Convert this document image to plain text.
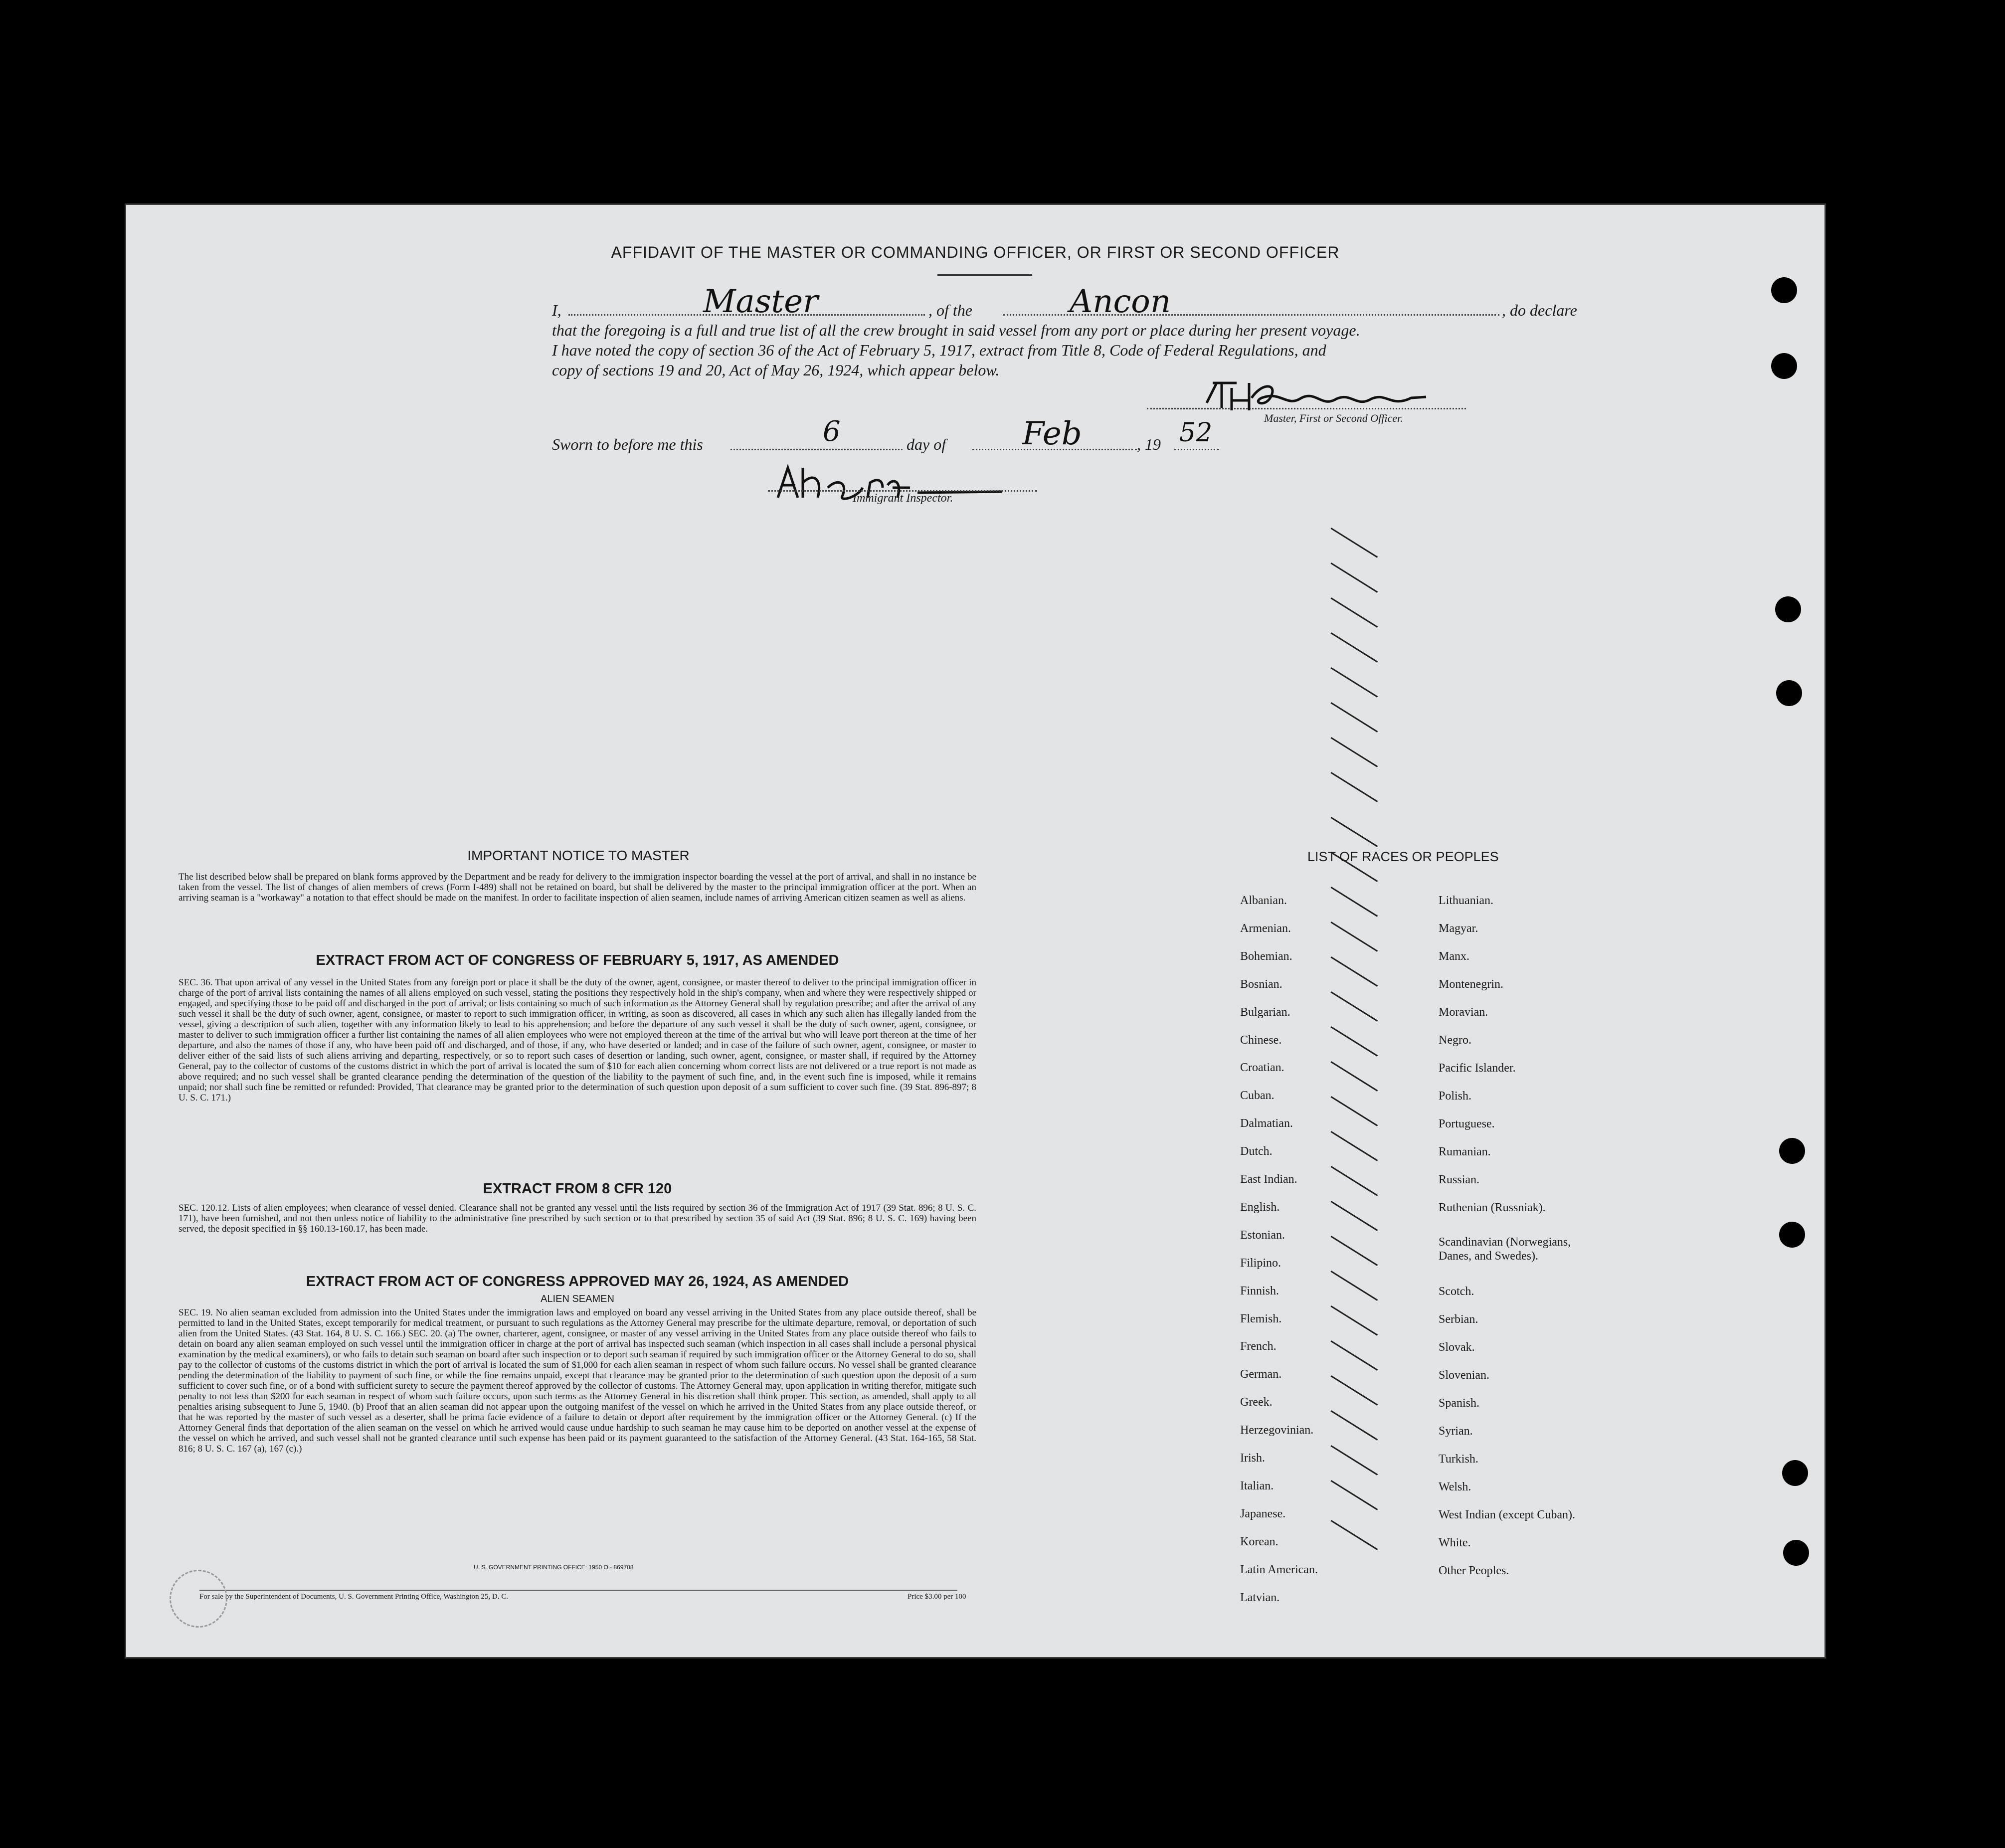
AFFIDAVIT OF THE MASTER OR COMMANDING OFFICER, OR FIRST OR SECOND OFFICER
I,	Master	, of the	Ancon	, do declare
that the foregoing is a full and true list of all the crew brought in said vessel from any port or place during her present voyage.
I have noted the copy of section 36 of the Act of February 5, 1917, extract from Title 8, Code of Federal Regulations, and
copy of sections 19 and 20, Act of May 26, 1924, which appear below.
Master, First or Second Officer.
Sworn to before me this	6	day of Feb	, 19 52
Immigrant Inspector.
IMPORTANT NOTICE TO MASTER
The list described below shall be prepared on blank forms approved by the Department and be ready for delivery to the immigration inspector boarding the vessel at the port of arrival, and shall in no instance be taken from the vessel. The list of changes of alien members of crews (Form I-489) shall not be retained on board, but shall be delivered by the master to the principal immigration officer at the port. When an arriving seaman is a "workaway" a notation to that effect should be made on the manifest. In order to facilitate inspection of alien seamen, include names of arriving American citizen seamen as well as aliens.
EXTRACT FROM ACT OF CONGRESS OF FEBRUARY 5, 1917, AS AMENDED
SEC. 36. That upon arrival of any vessel in the United States from any foreign port or place it shall be the duty of the owner, agent, consignee, or master thereof to deliver to the principal immigration officer in charge of the port of arrival lists containing the names of all aliens employed on such vessel, stating the positions they respectively hold in the ship's company, when and where they were respectively shipped or engaged, and specifying those to be paid off and discharged in the port of arrival; or lists containing so much of such information as the Attorney General shall by regulation prescribe; and after the arrival of any such vessel it shall be the duty of such owner, agent, consignee, or master to report to such immigration officer, in writing, as soon as discovered, all cases in which any such alien has illegally landed from the vessel, giving a description of such alien, together with any information likely to lead to his apprehension; and before the departure of any such vessel it shall be the duty of such owner, agent, consignee, or master to deliver to such immigration officer a further list containing the names of all alien employees who were not employed thereon at the time of the arrival but who will leave port thereon at the time of her departure, and also the names of those if any, who have been paid off and discharged, and of those, if any, who have deserted or landed; and in case of the failure of such owner, agent, consignee, or master to deliver either of the said lists of such aliens arriving and departing, respectively, or so to report such cases of desertion or landing, such owner, agent, consignee, or master shall, if required by the Attorney General, pay to the collector of customs of the customs district in which the port of arrival is located the sum of $10 for each alien concerning whom correct lists are not delivered or a true report is not made as above required; and no such vessel shall be granted clearance pending the determination of the question of the liability to the payment of such fine, and, in the event such fine is imposed, while it remains unpaid; nor shall such fine be remitted or refunded: Provided, That clearance may be granted prior to the determination of such question upon deposit of a sum sufficient to cover such fine. (39 Stat. 896-897; 8 U. S. C. 171.)
EXTRACT FROM 8 CFR 120
SEC. 120.12. Lists of alien employees; when clearance of vessel denied. Clearance shall not be granted any vessel until the lists required by section 36 of the Immigration Act of 1917 (39 Stat. 896; 8 U. S. C. 171), have been furnished, and not then unless notice of liability to the administrative fine prescribed by such section or to that prescribed by section 35 of said Act (39 Stat. 896; 8 U. S. C. 169) having been served, the deposit specified in §§ 160.13-160.17, has been made.
EXTRACT FROM ACT OF CONGRESS APPROVED MAY 26, 1924, AS AMENDED
ALIEN SEAMEN
SEC. 19. No alien seaman excluded from admission into the United States under the immigration laws and employed on board any vessel arriving in the United States from any place outside thereof, shall be permitted to land in the United States, except temporarily for medical treatment, or pursuant to such regulations as the Attorney General may prescribe for the ultimate departure, removal, or deportation of such alien from the United States. (43 Stat. 164, 8 U. S. C. 166.) SEC. 20. (a) The owner, charterer, agent, consignee, or master of any vessel arriving in the United States from any place outside thereof who fails to detain on board any alien seaman employed on such vessel until the immigration officer in charge at the port of arrival has inspected such seaman (which inspection in all cases shall include a personal physical examination by the medical examiners), or who fails to detain such seaman on board after such inspection or to deport such seaman if required by such immigration officer or the Attorney General to do so, shall pay to the collector of customs of the customs district in which the port of arrival is located the sum of $1,000 for each alien seaman in respect of whom such failure occurs. No vessel shall be granted clearance pending the determination of the liability to payment of such fine, or while the fine remains unpaid, except that clearance may be granted prior to the determination of such question upon the deposit of a sum sufficient to cover such fine, or of a bond with sufficient surety to secure the payment thereof approved by the collector of customs. The Attorney General may, upon application in writing therefor, mitigate such penalty to not less than $200 for each seaman in respect of whom such failure occurs, upon such terms as the Attorney General in his discretion shall think proper. This section, as amended, shall apply to all penalties arising subsequent to June 5, 1940. (b) Proof that an alien seaman did not appear upon the outgoing manifest of the vessel on which he arrived in the United States from any place outside thereof, or that he was reported by the master of such vessel as a deserter, shall be prima facie evidence of a failure to detain or deport after requirement by the immigration officer or the Attorney General. (c) If the Attorney General finds that deportation of the alien seaman on the vessel on which he arrived would cause undue hardship to such seaman he may cause him to be deported on another vessel at the expense of the vessel on which he arrived, and such vessel shall not be granted clearance until such expense has been paid or its payment guaranteed to the satisfaction of the Attorney General. (43 Stat. 164-165, 58 Stat. 816; 8 U. S. C. 167 (a), 167 (c).)
U. S. GOVERNMENT PRINTING OFFICE: 1950 O - 869708
For sale by the Superintendent of Documents, U. S. Government Printing Office, Washington 25, D. C.	Price $3.00 per 100
LIST OF RACES OR PEOPLES
Albanian.
Armenian.
Bohemian.
Bosnian.
Bulgarian.
Chinese.
Croatian.
Cuban.
Dalmatian.
Dutch.
East Indian.
English.
Estonian.
Filipino.
Finnish.
Flemish.
French.
German.
Greek.
Herzegovinian.
Irish.
Italian.
Japanese.
Korean.
Latin American.
Latvian.
Lithuanian.
Magyar.
Manx.
Montenegrin.
Moravian.
Negro.
Pacific Islander.
Polish.
Portuguese.
Rumanian.
Russian.
Ruthenian (Russniak).
Scandinavian (Norwegians,
Danes, and Swedes).
Scotch.
Serbian.
Slovak.
Slovenian.
Spanish.
Syrian.
Turkish.
Welsh.
West Indian (except Cuban).
White.
Other Peoples.
